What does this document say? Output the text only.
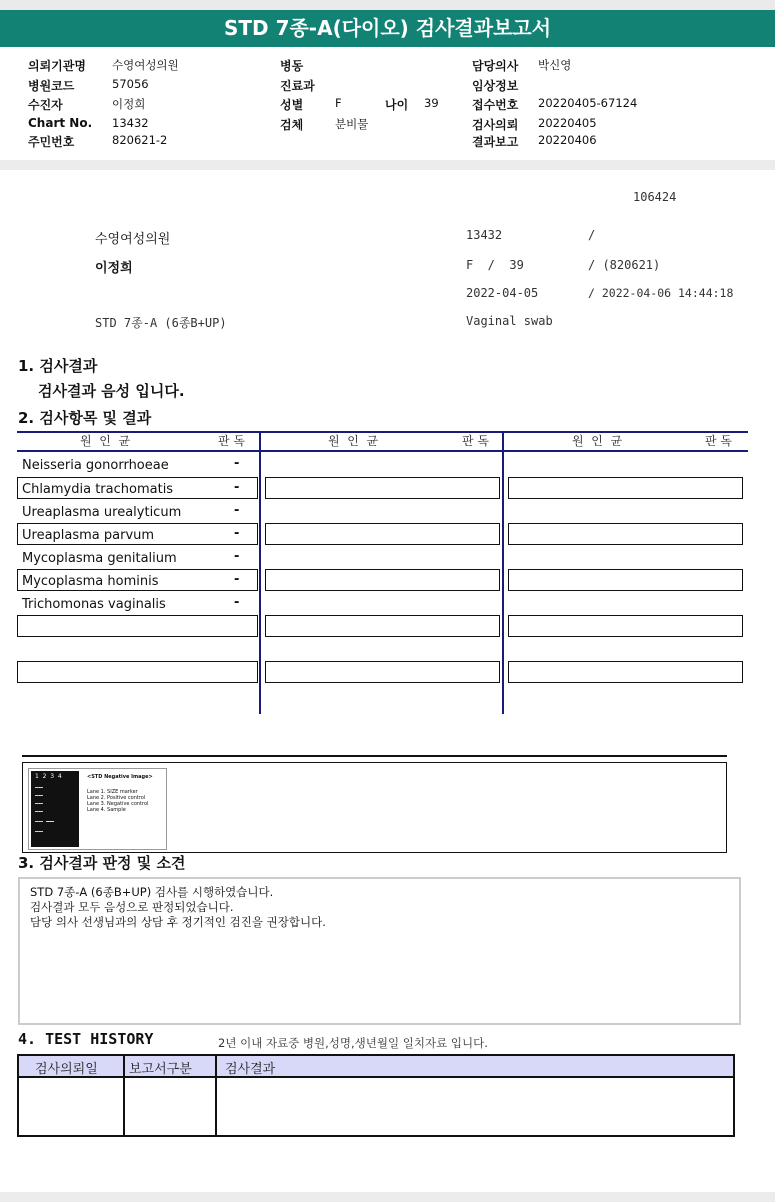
STD 7종-A(다이오) 검사결과보고서
의뢰기관명 수영여성의원	병동	담당의사 박신영
병원코드	57056	진료과	임상정보
수진자	이정희	성별	F	나이 39	접수번호 20220405-67124
Chart No. 13432	검체	분비물	검사의뢰 20220405
주민번호	820621-2	결과보고 20220406
106424
수영여성의원	13432	/
이정희	F  /  39	/ (820621)
2022-04-05	/ 2022-04-06 14:44:18
STD 7종-A (6종B+UP)	Vaginal swab
1. 검사결과
검사결과 음성 입니다.
2. 검사항목 및 결과
원  인  균	판 독	원  인  균	판 독	원  인  균	판 독
Neisseria gonorrhoeae	-
Chlamydia trachomatis	-
Ureaplasma urealyticum	-
Ureaplasma parvum	-
Mycoplasma genitalium	-
Mycoplasma hominis	-
Trichomonas vaginalis	-
1  2  3  4	<STD Negative Image>
Lane 1. SIZE marker
Lane 2. Positive control
Lane 3. Negative control
Lane 4. Sample
3. 검사결과 판정 및 소견
STD 7종-A (6종B+UP) 검사를 시행하였습니다.
검사결과 모두 음성으로 판정되었습니다.
담당 의사 선생님과의 상담 후 정기적인 검진을 권장합니다.
4. TEST HISTORY	2년 이내 자료중 병원,성명,생년월일 일치자료 입니다.
검사의뢰일 보고서구분	검사결과
